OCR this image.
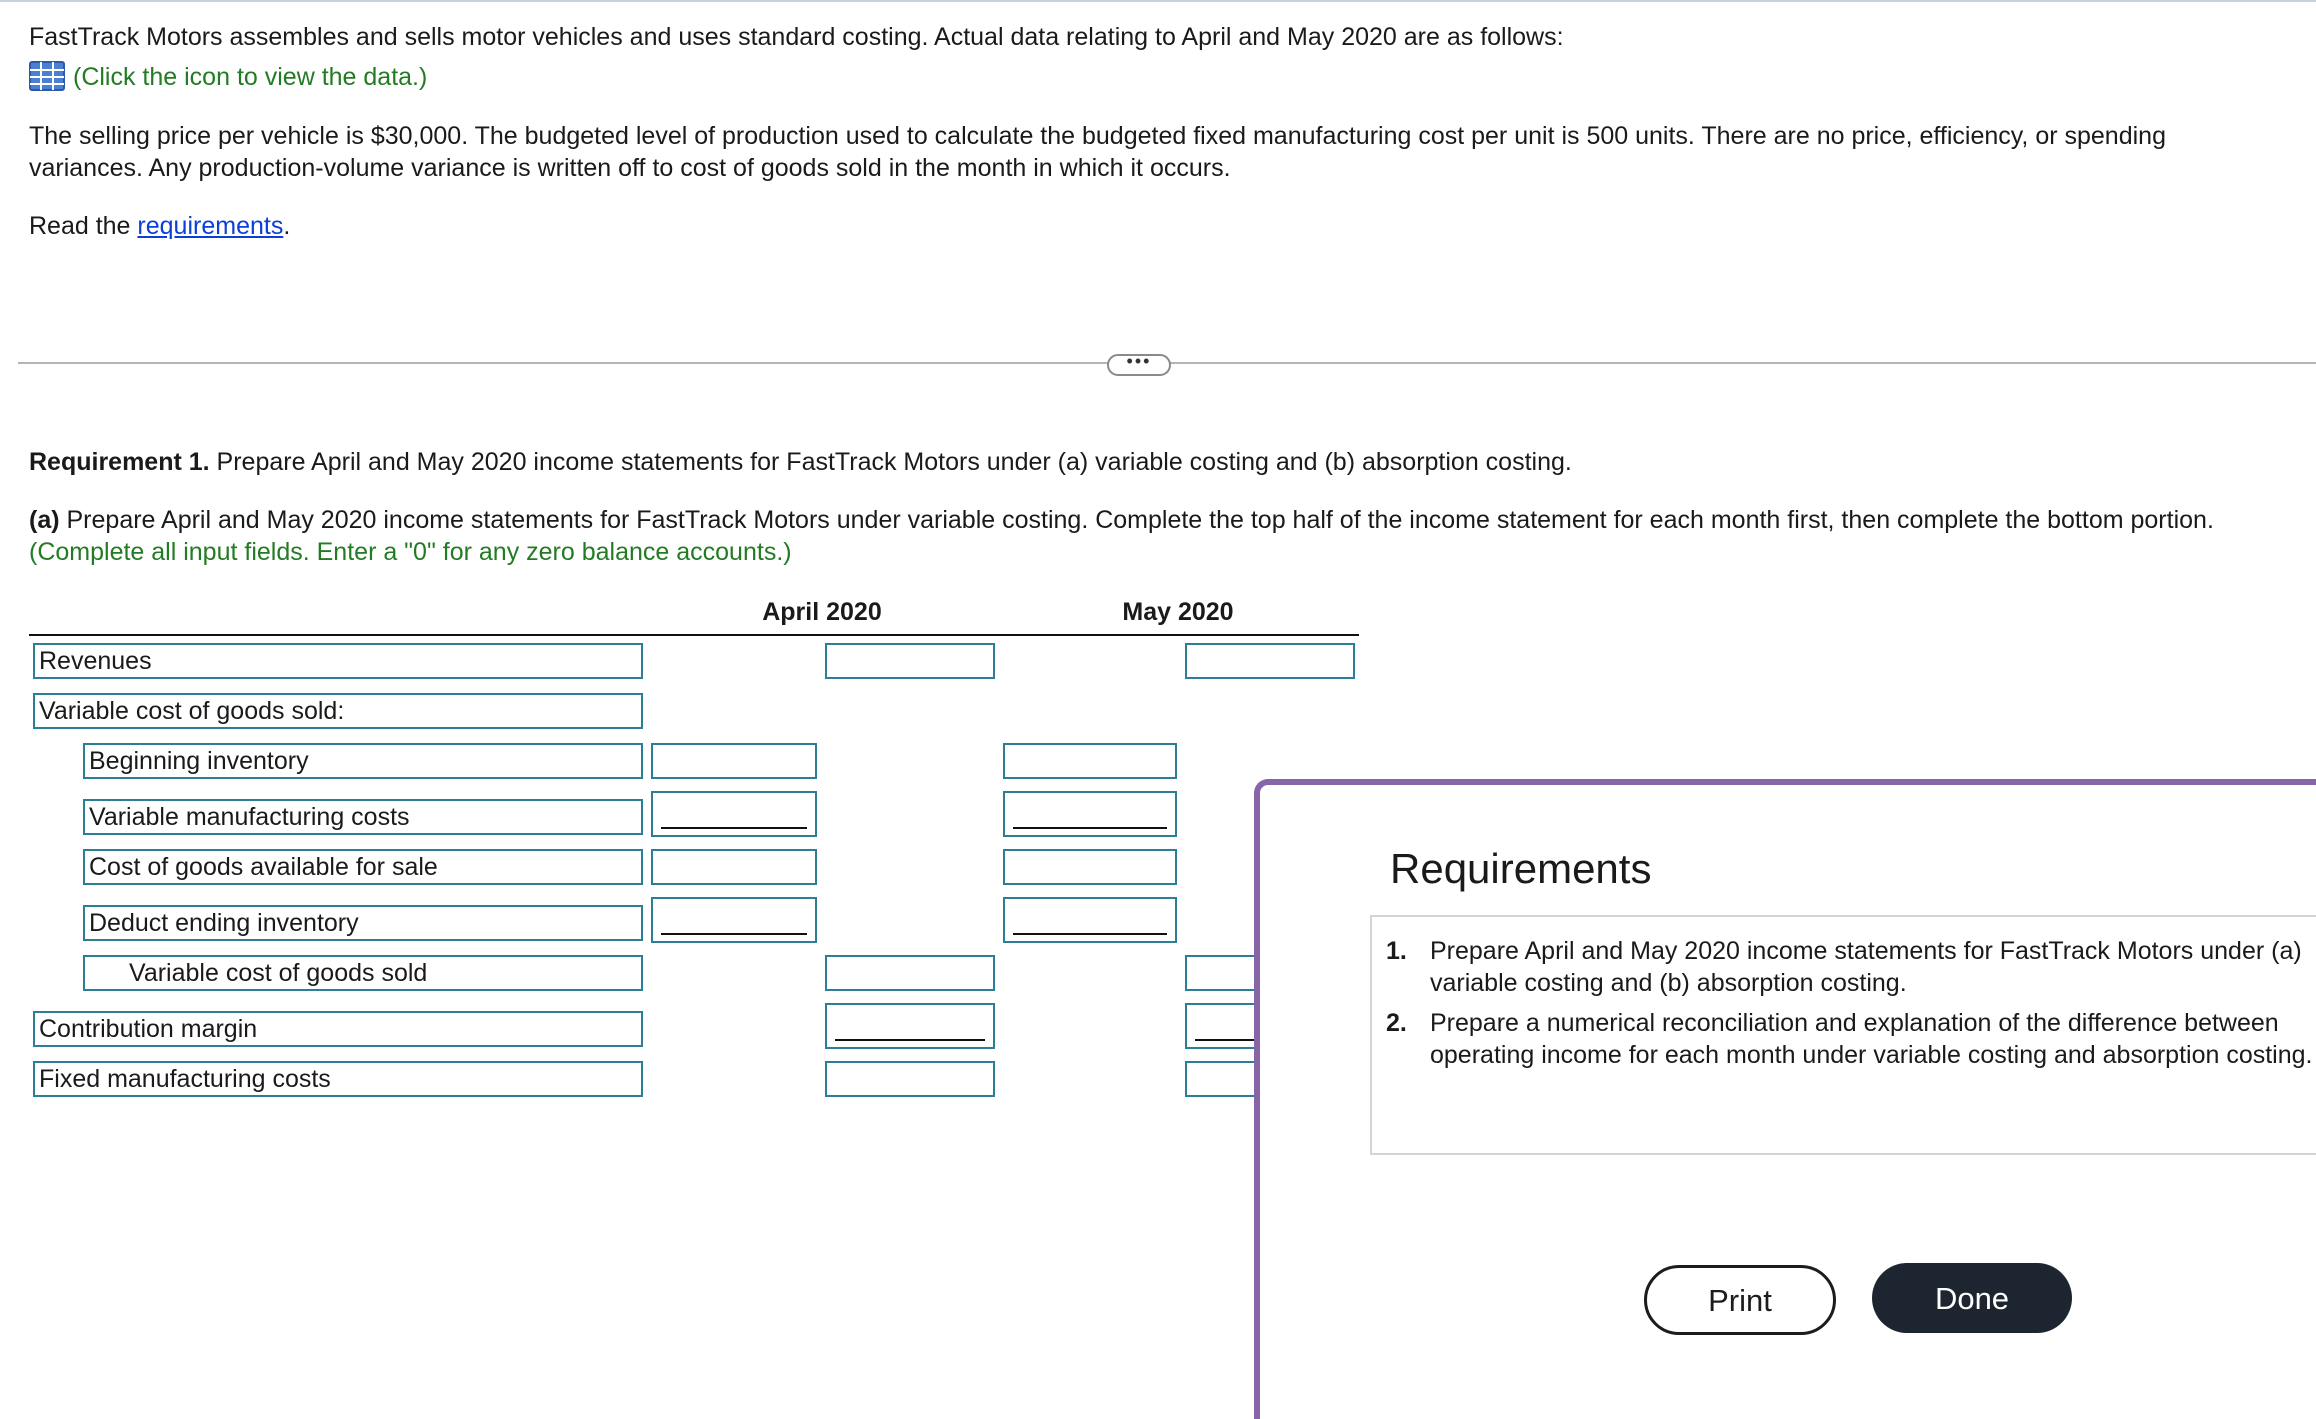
FastTrack Motors assembles and sells motor vehicles and uses standard costing. Actual data relating to April and May 2020 are as follows:

(Click the icon to view the data.)

The selling price per vehicle is $30,000. The budgeted level of production used to calculate the budgeted fixed manufacturing cost per unit is 500 units. There are no price, efficiency, or spending
variances. Any production-volume variance is written off to cost of goods sold in the month in which it occurs.

Read the requirements.

•••

Requirement 1. Prepare April and May 2020 income statements for FastTrack Motors under (a) variable costing and (b) absorption costing.

(a) Prepare April and May 2020 income statements for FastTrack Motors under variable costing. Complete the top half of the income statement for each month first, then complete the bottom portion.
(Complete all input fields. Enter a "0" for any zero balance accounts.)

April 2020	May 2020
Revenues
Variable cost of goods sold:
Beginning inventory
Variable manufacturing costs
Cost of goods available for sale
Deduct ending inventory
Variable cost of goods sold
Contribution margin
Fixed manufacturing costs
Requirements
1. Prepare April and May 2020 income statements for FastTrack Motors under (a) variable costing and (b) absorption costing.
2. Prepare a numerical reconciliation and explanation of the difference between operating income for each month under variable costing and absorption costing.
Print	Done
